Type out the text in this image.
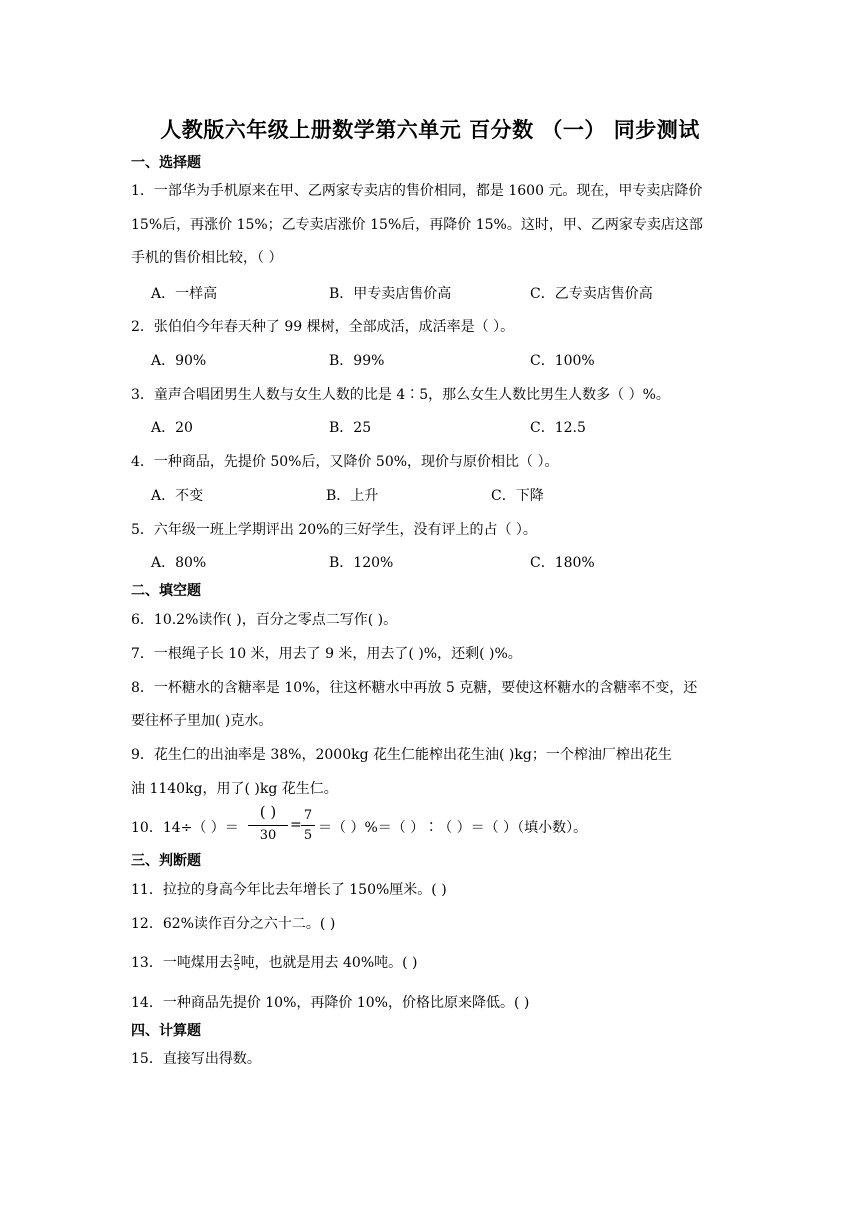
人教版六年级上册数学第六单元 百分数 （一） 同步测试
一、选择题
1．一部华为手机原来在甲、乙两家专卖店的售价相同，都是 1600 元。现在，甲专卖店降价
15%后，再涨价 15%；乙专卖店涨价 15%后，再降价 15%。这时，甲、乙两家专卖店这部
手机的售价相比较，（ ）
A．一样高	B．甲专卖店售价高	C．乙专卖店售价高
2．张伯伯今年春天种了 99 棵树，全部成活，成活率是（ ）。
A．90%	B．99%	C．100%
3．童声合唱团男生人数与女生人数的比是 4∶5，那么女生人数比男生人数多（ ）%。
A．20	B．25	C．12.5
4．一种商品，先提价 50%后，又降价 50%，现价与原价相比（ ）。
A．不变	B．上升	C．下降
5．六年级一班上学期评出 20%的三好学生，没有评上的占（ ）。
A．80%	B．120%	C．180%
二、填空题
6．10.2%读作( )，百分之零点二写作( )。
7．一根绳子长 10 米，用去了 9 米，用去了( )%，还剩( )%。
8．一杯糖水的含糖率是 10%，往这杯糖水中再放 5 克糖，要使这杯糖水的含糖率不变，还
要往杯子里加( )克水。
9．花生仁的出油率是 38%，2000kg 花生仁能榨出花生油( )kg；一个榨油厂榨出花生
油 1140kg，用了( )kg 花生仁。
10．14÷（ ）＝
( )
30
=
7
5 ＝（ ）%＝（ ）∶（ ）＝（ ）（填小数）。
三、判断题
11．拉拉的身高今年比去年增长了 150%厘米。( )
12．62%读作百分之六十二。( )
13．一吨煤用去 $\frac{2}{5}$ 吨，也就是用去 40%吨。( )
14．一种商品先提价 10%，再降价 10%，价格比原来降低。( )
四、计算题
15．直接写出得数。
